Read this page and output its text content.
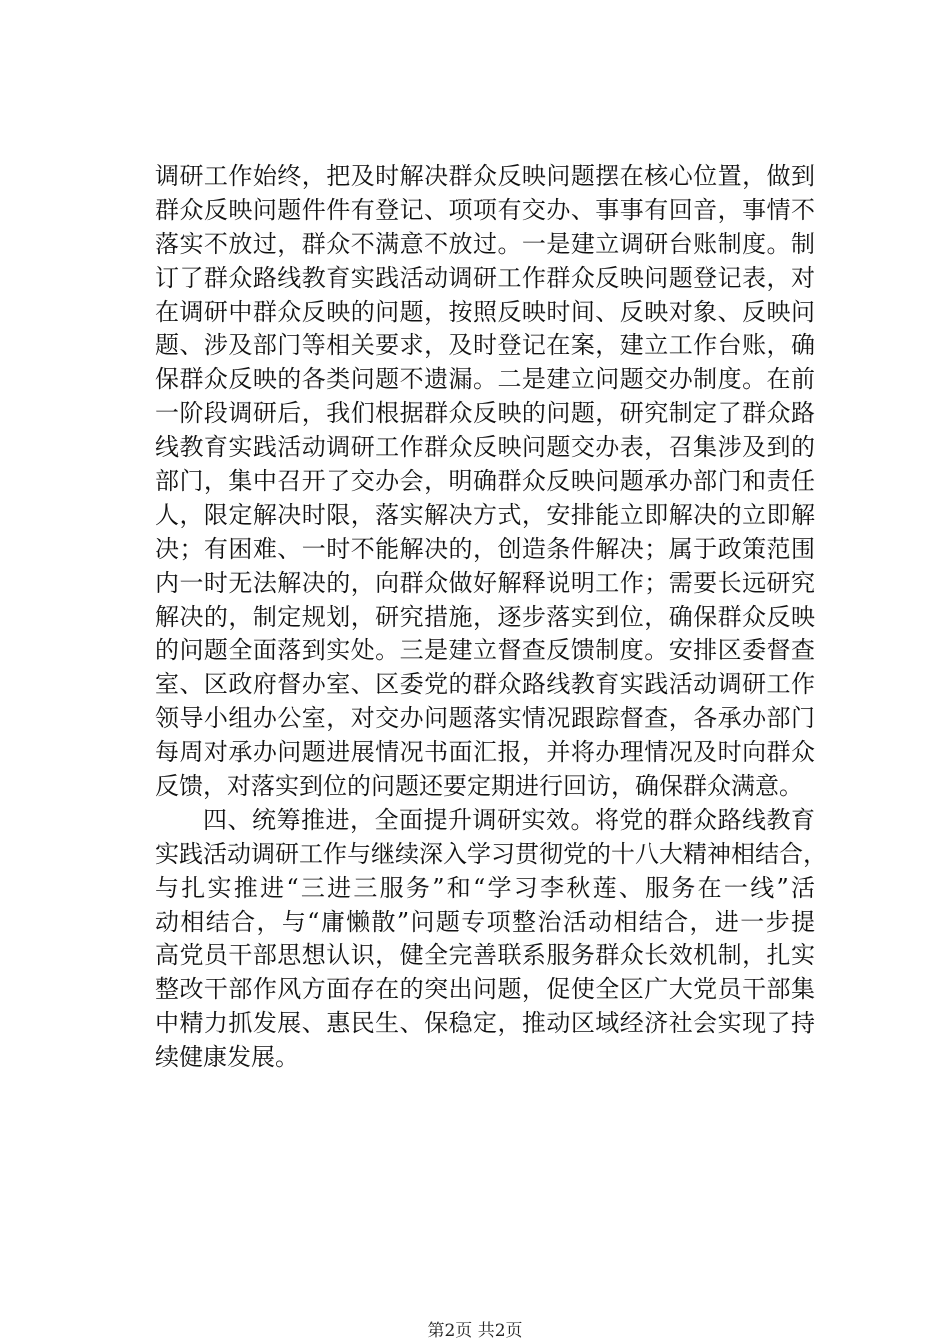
调研工作始终，把及时解决群众反映问题摆在核心位置，做到
群众反映问题件件有登记、项项有交办、事事有回音，事情不
落实不放过，群众不满意不放过。一是建立调研台账制度。制
订了群众路线教育实践活动调研工作群众反映问题登记表，对
在调研中群众反映的问题，按照反映时间、反映对象、反映问
题、涉及部门等相关要求，及时登记在案，建立工作台账，确
保群众反映的各类问题不遗漏。二是建立问题交办制度。在前
一阶段调研后，我们根据群众反映的问题，研究制定了群众路
线教育实践活动调研工作群众反映问题交办表，召集涉及到的
部门，集中召开了交办会，明确群众反映问题承办部门和责任
人，限定解决时限，落实解决方式，安排能立即解决的立即解
决；有困难、一时不能解决的，创造条件解决；属于政策范围
内一时无法解决的，向群众做好解释说明工作；需要长远研究
解决的，制定规划，研究措施，逐步落实到位，确保群众反映
的问题全面落到实处。三是建立督查反馈制度。安排区委督查
室、区政府督办室、区委党的群众路线教育实践活动调研工作
领导小组办公室，对交办问题落实情况跟踪督查，各承办部门
每周对承办问题进展情况书面汇报，并将办理情况及时向群众
反馈，对落实到位的问题还要定期进行回访，确保群众满意。
四、统筹推进，全面提升调研实效。将党的群众路线教育
实践活动调研工作与继续深入学习贯彻党的十八大精神相结合，
与扎实推进“三进三服务”和“学习李秋莲、服务在一线”活
动相结合，与“庸懒散”问题专项整治活动相结合，进一步提
高党员干部思想认识，健全完善联系服务群众长效机制，扎实
整改干部作风方面存在的突出问题，促使全区广大党员干部集
中精力抓发展、惠民生、保稳定，推动区域经济社会实现了持
续健康发展。
第2页 共2页
